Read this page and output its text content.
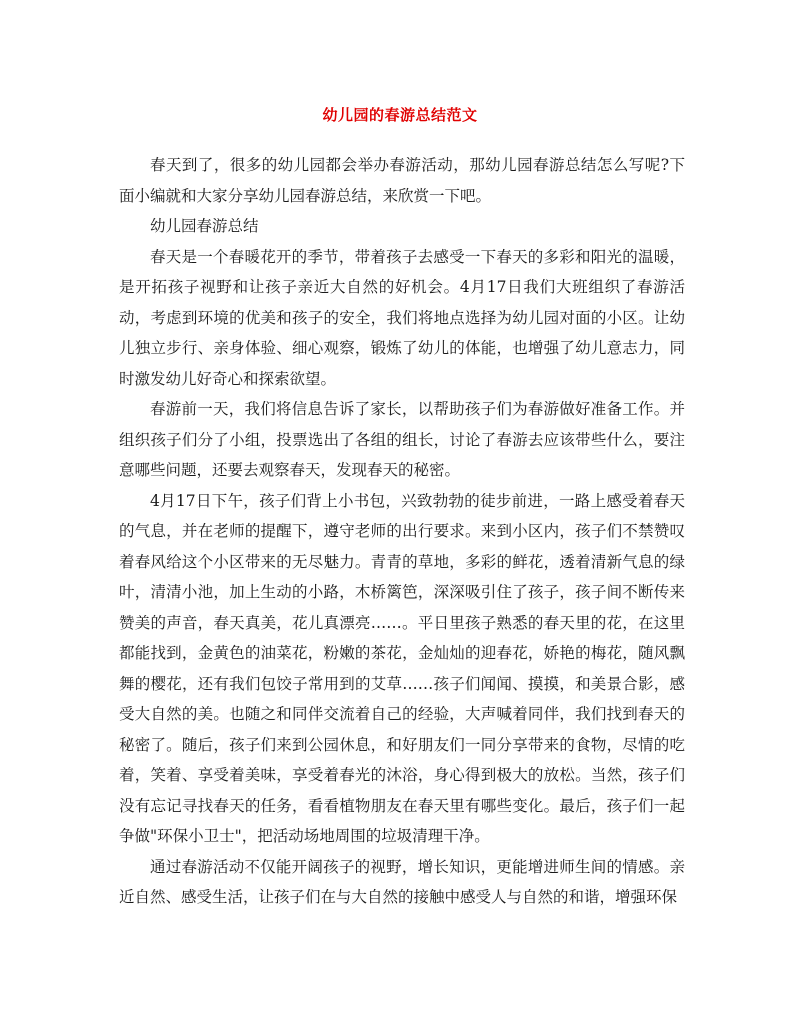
幼儿园的春游总结范文

春天到了，很多的幼儿园都会举办春游活动，那幼儿园春游总结怎么写呢?下面小编就和大家分享幼儿园春游总结，来欣赏一下吧。

幼儿园春游总结

春天是一个春暖花开的季节，带着孩子去感受一下春天的多彩和阳光的温暖，是开拓孩子视野和让孩子亲近大自然的好机会。4月17日我们大班组织了春游活动，考虑到环境的优美和孩子的安全，我们将地点选择为幼儿园对面的小区。让幼儿独立步行、亲身体验、细心观察，锻炼了幼儿的体能，也增强了幼儿意志力，同时激发幼儿好奇心和探索欲望。

春游前一天，我们将信息告诉了家长，以帮助孩子们为春游做好准备工作。并组织孩子们分了小组，投票选出了各组的组长，讨论了春游去应该带些什么，要注意哪些问题，还要去观察春天，发现春天的秘密。

4月17日下午，孩子们背上小书包，兴致勃勃的徒步前进，一路上感受着春天的气息，并在老师的提醒下，遵守老师的出行要求。来到小区内，孩子们不禁赞叹着春风给这个小区带来的无尽魅力。青青的草地，多彩的鲜花，透着清新气息的绿叶，清清小池，加上生动的小路，木桥篱笆，深深吸引住了孩子，孩子间不断传来赞美的声音，春天真美，花儿真漂亮……。平日里孩子熟悉的春天里的花，在这里都能找到，金黄色的油菜花，粉嫩的茶花，金灿灿的迎春花，娇艳的梅花，随风飘舞的樱花，还有我们包饺子常用到的艾草……孩子们闻闻、摸摸，和美景合影，感受大自然的美。也随之和同伴交流着自己的经验，大声喊着同伴，我们找到春天的秘密了。随后，孩子们来到公园休息，和好朋友们一同分享带来的食物，尽情的吃着，笑着、享受着美味，享受着春光的沐浴，身心得到极大的放松。当然，孩子们没有忘记寻找春天的任务，看看植物朋友在春天里有哪些变化。最后，孩子们一起争做"环保小卫士"，把活动场地周围的垃圾清理干净。

通过春游活动不仅能开阔孩子的视野，增长知识，更能增进师生间的情感。亲近自然、感受生活，让孩子们在与大自然的接触中感受人与自然的和谐，增强环保
